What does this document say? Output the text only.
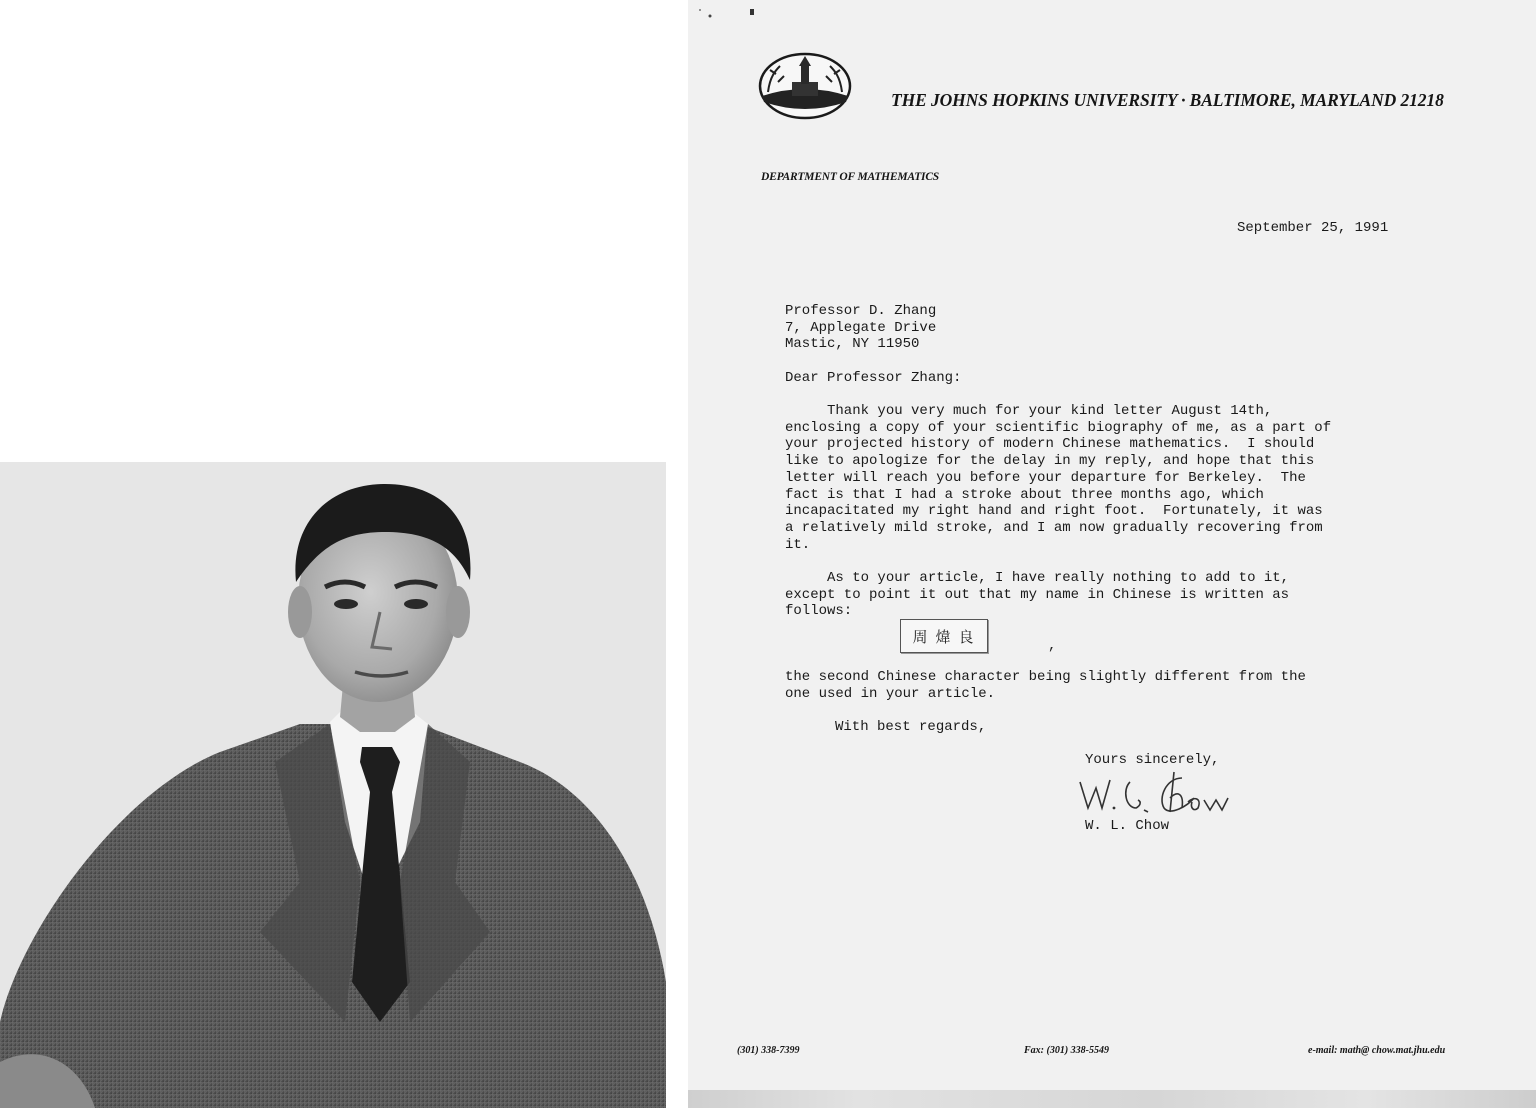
THE JOHNS HOPKINS UNIVERSITY · BALTIMORE, MARYLAND 21218
DEPARTMENT OF MATHEMATICS
September 25, 1991
Professor D. Zhang
7, Applegate Drive
Mastic, NY 11950
Dear Professor Zhang:
Thank you very much for your kind letter August 14th,
enclosing a copy of your scientific biography of me, as a part of
your projected history of modern Chinese mathematics.  I should
like to apologize for the delay in my reply, and hope that this
letter will reach you before your departure for Berkeley.  The
fact is that I had a stroke about three months ago, which
incapacitated my right hand and right foot.  Fortunately, it was
a relatively mild stroke, and I am now gradually recovering from
it.
As to your article, I have really nothing to add to it,
except to point it out that my name in Chinese is written as
follows:
周煒良
,
the second Chinese character being slightly different from the
one used in your article.
With best regards,
Yours sincerely,
W. L. Chow
(301) 338-7399	Fax: (301) 338-5549	e-mail: math@ chow.mat.jhu.edu
